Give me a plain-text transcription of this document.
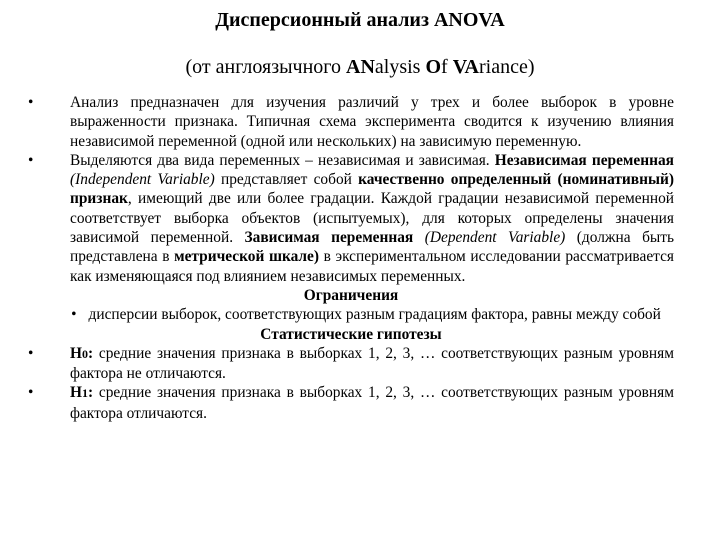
Дисперсионный анализ ANOVA
(от англоязычного ANalysis Of VAriance)

• Анализ предназначен для изучения различий у трех и более выборок в уровне выраженности признака. Типичная схема эксперимента сводится к изучению влияния независимой переменной (одной или нескольких) на зависимую переменную.

• Выделяются два вида переменных – независимая и зависимая. Независимая переменная (Independent Variable) представляет собой качественно определенный (номинативный) признак, имеющий две или более градации. Каждой градации независимой переменной соответствует выборка объектов (испытуемых), для которых определены значения зависимой переменной. Зависимая переменная (Dependent Variable) (должна быть представлена в метрической шкале) в экспериментальном исследовании рассматривается как изменяющаяся под влиянием независимых переменных.

Ограничения

• дисперсии выборок, соответствующих разным градациям фактора, равны между собой

Статистические гипотезы

• H0: средние значения признака в выборках 1, 2, 3, … соответствующих разным уровням фактора не отличаются.

• H1: средние значения признака в выборках 1, 2, 3, … соответствующих разным уровням фактора отличаются.
